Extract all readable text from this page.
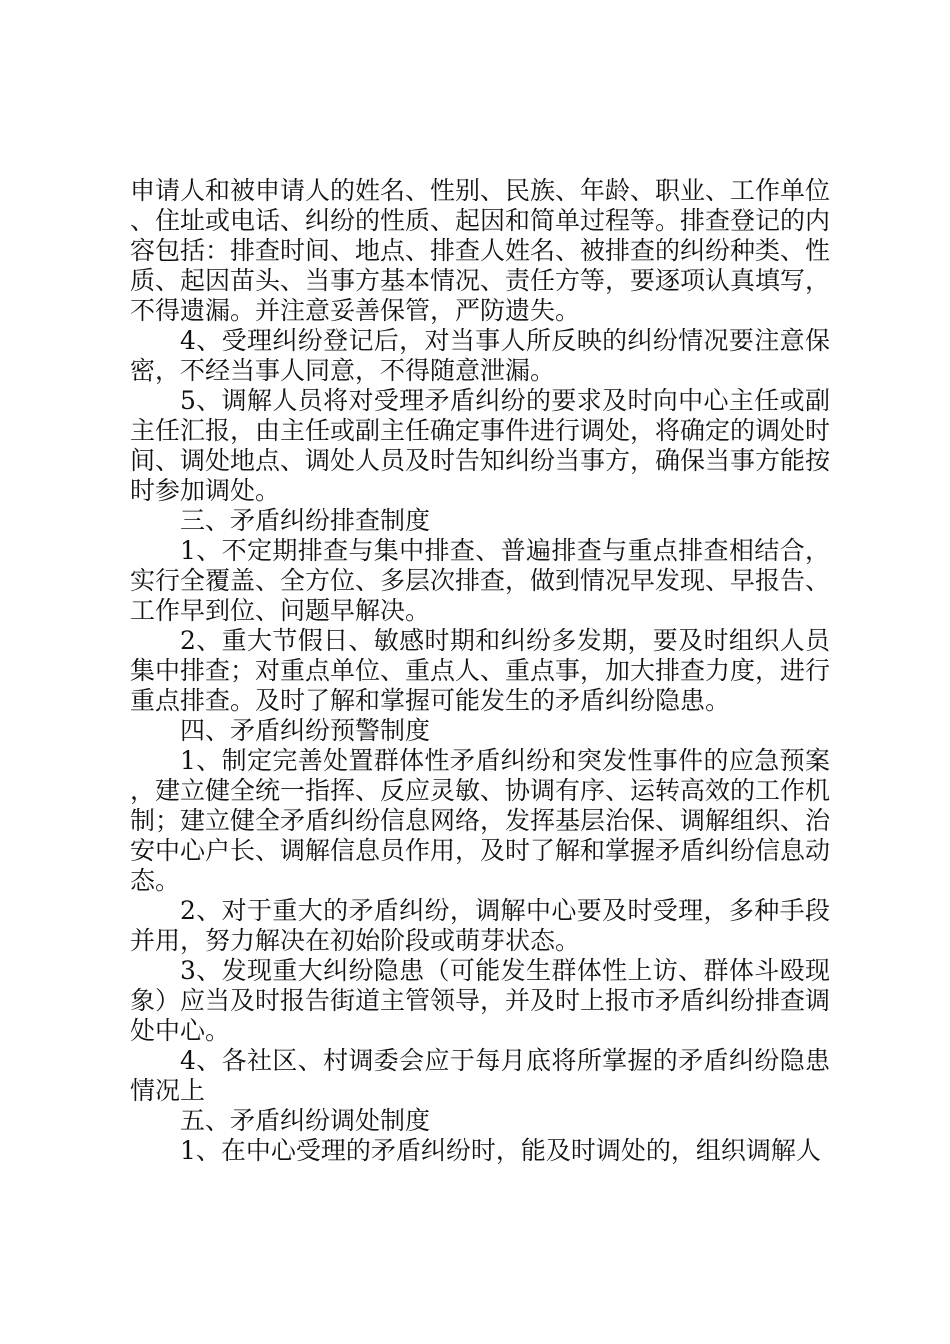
申请人和被申请人的姓名、性别、民族、年龄、职业、工作单位、住址或电话、纠纷的性质、起因和简单过程等。排查登记的内容包括：排查时间、地点、排查人姓名、被排查的纠纷种类、性质、起因苗头、当事方基本情况、责任方等，要逐项认真填写，不得遗漏。并注意妥善保管，严防遗失。

4、受理纠纷登记后，对当事人所反映的纠纷情况要注意保密，不经当事人同意，不得随意泄漏。

5、调解人员将对受理矛盾纠纷的要求及时向中心主任或副主任汇报，由主任或副主任确定事件进行调处，将确定的调处时间、调处地点、调处人员及时告知纠纷当事方，确保当事方能按时参加调处。

三、矛盾纠纷排查制度

1、不定期排查与集中排查、普遍排查与重点排查相结合，实行全覆盖、全方位、多层次排查，做到情况早发现、早报告、工作早到位、问题早解决。

2、重大节假日、敏感时期和纠纷多发期，要及时组织人员集中排查；对重点单位、重点人、重点事，加大排查力度，进行重点排查。及时了解和掌握可能发生的矛盾纠纷隐患。

四、矛盾纠纷预警制度

1、制定完善处置群体性矛盾纠纷和突发性事件的应急预案，建立健全统一指挥、反应灵敏、协调有序、运转高效的工作机制；建立健全矛盾纠纷信息网络，发挥基层治保、调解组织、治安中心户长、调解信息员作用，及时了解和掌握矛盾纠纷信息动态。

2、对于重大的矛盾纠纷，调解中心要及时受理，多种手段并用，努力解决在初始阶段或萌芽状态。

3、发现重大纠纷隐患（可能发生群体性上访、群体斗殴现象）应当及时报告街道主管领导，并及时上报市矛盾纠纷排查调处中心。

4、各社区、村调委会应于每月底将所掌握的矛盾纠纷隐患情况上

五、矛盾纠纷调处制度

1、在中心受理的矛盾纠纷时，能及时调处的，组织调解人
